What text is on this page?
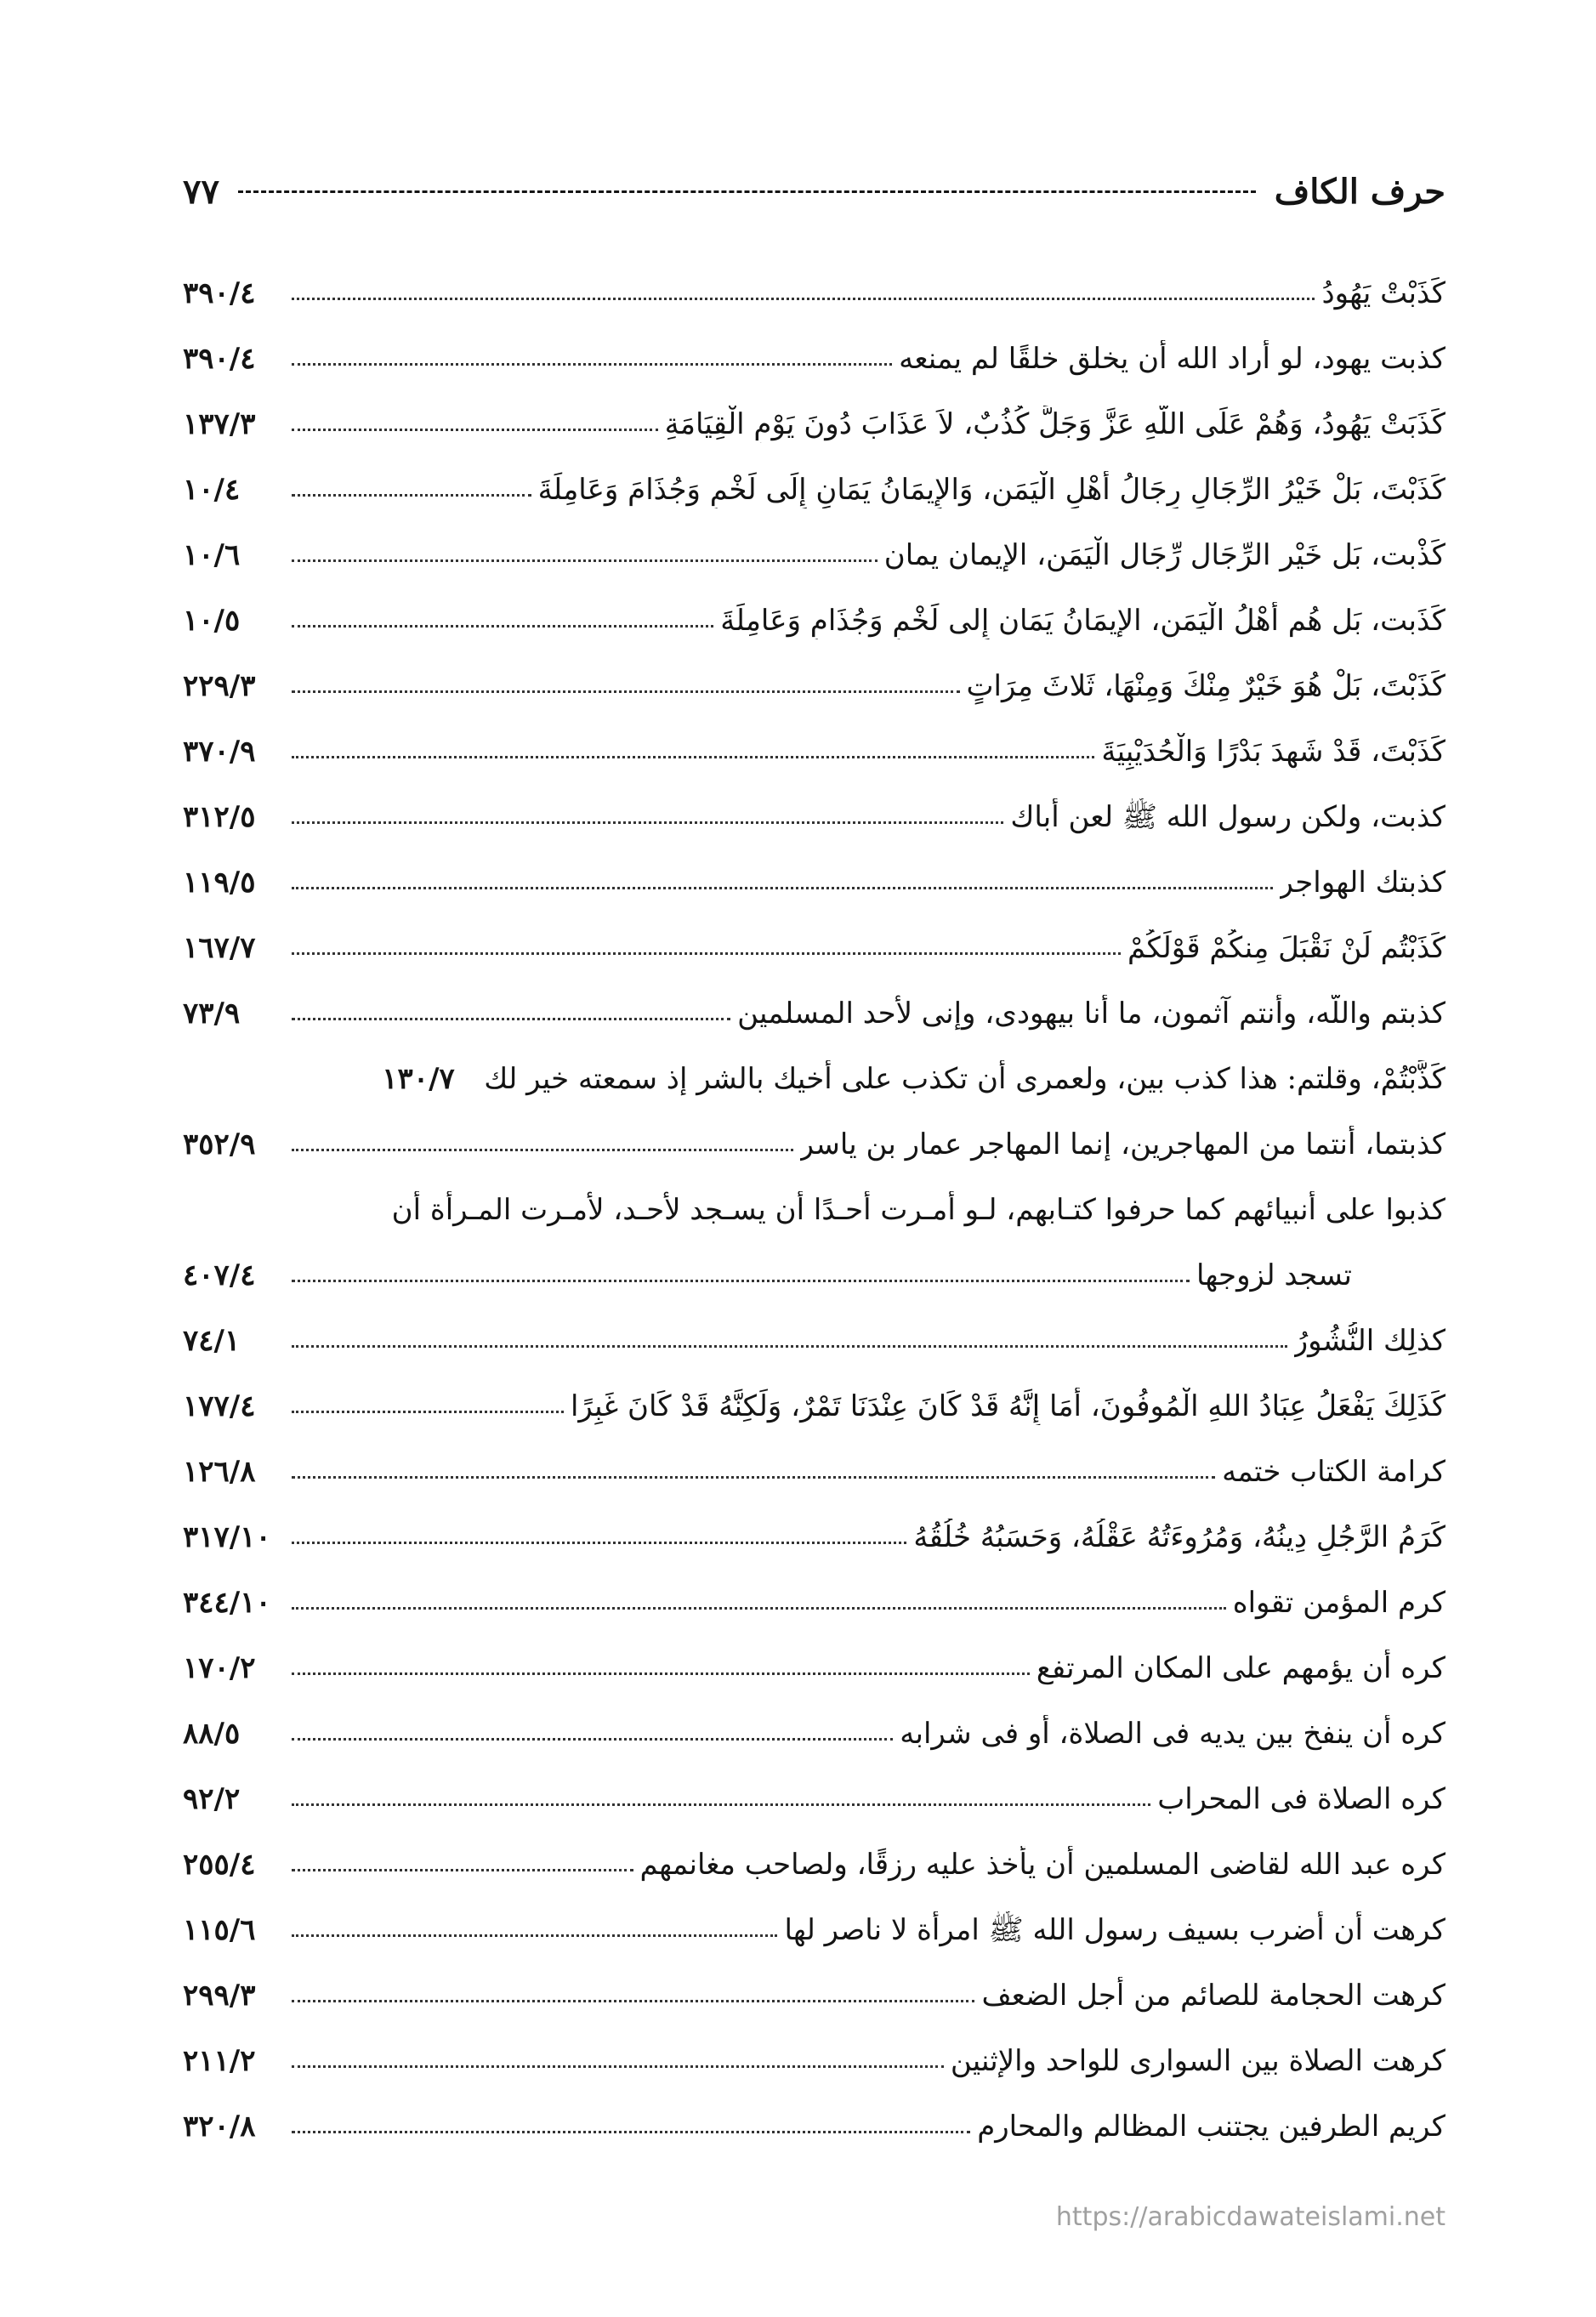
حرف الكاف
٧٧
كَذَبْتْ يَهُودُ
٣٩٠/٤
كذبت يهود، لو أراد الله أن يخلق خلقًا لم يمنعه
٣٩٠/٤
كَذَبَتْ يَهُودُ، وَهُمْ عَلَى اللّهِ عَزَّ وَجَلَّ كُذُبٌ، لاَ عَذَابَ دُونَ يَوْمِ الْقِيَامَةِ
١٣٧/٣
كَذَبْتَ، بَلْ خَيْرُ الرِّجَالِ رِجَالُ أَهْلِ الْيَمَنِ، وَالإِيمَانُ يَمَانٍ إِلَى لَخْمٍ وَجُذَامَ وَعَامِلَةَ
١٠/٤
كَذْبت، بَل خَيْر الرِّجَال رِّجَال الْيَمَن، الإيمان يمان
١٠/٦
كَذَبت، بَل هُم أَهْلُ الْيَمَنِ، الإيمَانُ يَمَان إِلى لَخْمٍ وَجُذَامٍ وَعَامِلَةَ
١٠/٥
كَذَبْتَ، بَلْ هُوَ خَيْرٌ مِنْكَ وَمِنْهَا، ثَلاثَ مِرَاتٍ
٢٢٩/٣
كَذَبْتَ، قَدْ شَهِدَ بَدْرًا وَالْحُدَيْبِيَةَ
٣٧٠/٩
كذبت، ولكن رسول الله ﷺ لعن أباك
٣١٢/٥
كذبتك الهواجر
١١٩/٥
كَذَبْتُم لَنْ نَقْبَلَ مِنكُمْ قَوْلَكُمْ
١٦٧/٧
كذبتم واللّه، وأنتم آثمون، ما أنا بيهودى، وإنى لأحد المسلمين
٧٣/٩
كَذَّبْتُمْ، وقلتم: هذا كذب بين، ولعمرى أن تكذب على أخيك بالشر إذ سمعته خير لك
١٣٠/٧
كذبتما، أنتما من المهاجرين، إنما المهاجر عمار بن ياسر
٣٥٢/٩
كذبوا على أنبيائهم كما حرفوا كتـابهم، لـو أمـرت أحـدًا أن يسـجد لأحـد، لأمـرت المـرأة أن
تسجد لزوجها
٤٠٧/٤
كذلِك النُّشُورُ
٧٤/١
كَذَلِكَ يَفْعَلُ عِبَادُ اللهِ الْمُوفُونَ، أَمَا إِنَّهُ قَدْ كَانَ عِنْدَنَا تَمْرٌ، وَلَكِنَّهُ قَدْ كَانَ غَبِرًا
١٧٧/٤
كرامة الكتاب ختمه
١٢٦/٨
كَرَمُ الرَّجُلِ دِينُهُ، وَمُرُوءَتُهُ عَقْلُهُ، وَحَسَبُهُ خُلُقُهُ
٣١٧/١٠
كرم المؤمن تقواه
٣٤٤/١٠
كره أن يؤمهم على المكان المرتفع
١٧٠/٢
كره أن ينفخ بين يديه فى الصلاة، أو فى شرابه
٨٨/٥
كره الصلاة فى المحراب
٩٢/٢
كره عبد الله لقاضى المسلمين أن يأخذ عليه رزقًا، ولصاحب مغانمهم
٢٥٥/٤
كرهت أن أضرب بسيف رسول الله ﷺ امرأة لا ناصر لها
١١٥/٦
كرهت الحجامة للصائم من أجل الضعف
٢٩٩/٣
كرهت الصلاة بين السوارى للواحد والإثنين
٢١١/٢
كريم الطرفين يجتنب المظالم والمحارم
٣٢٠/٨
https://arabicdawateislami.net
